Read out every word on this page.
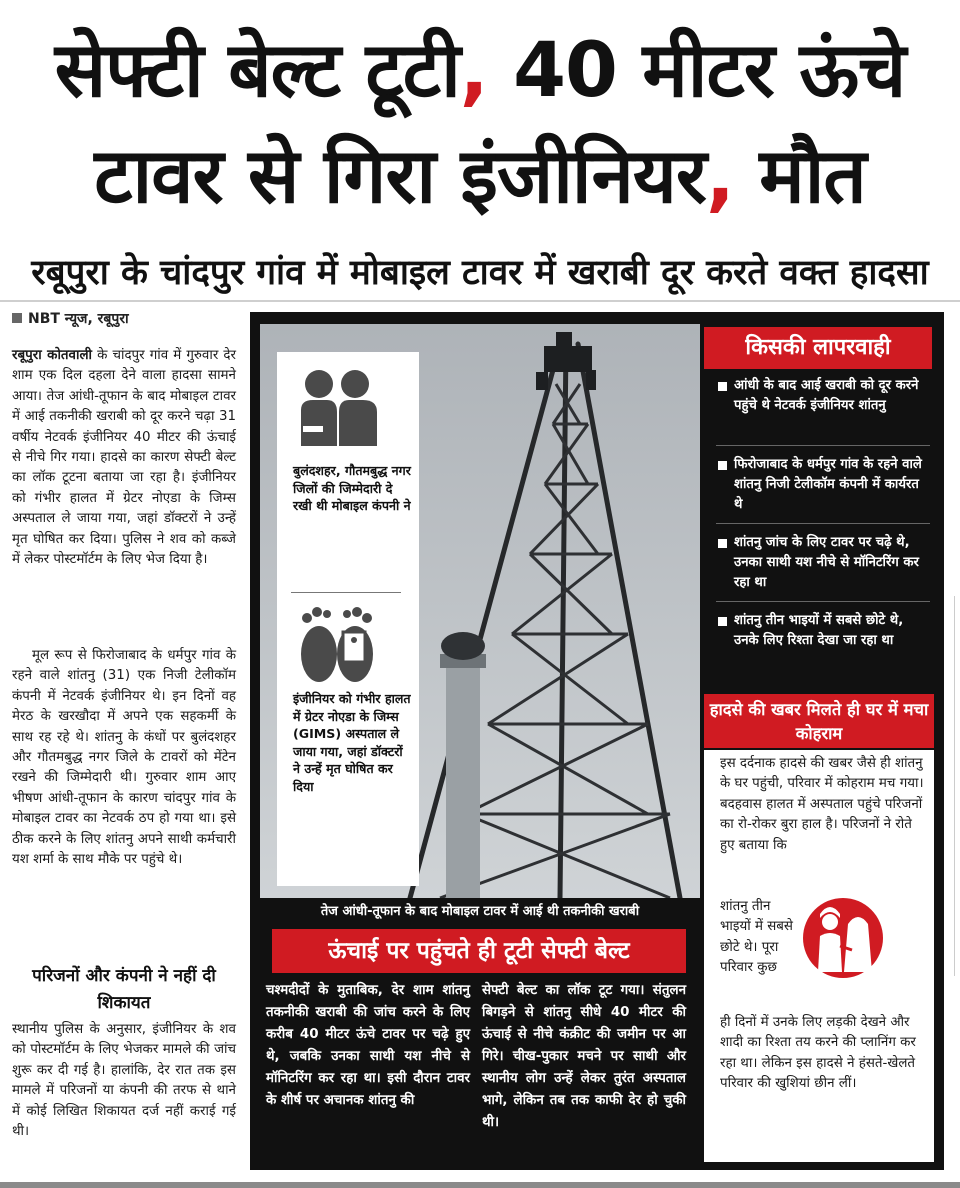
सेफ्टी बेल्ट टूटी, 40 मीटर ऊंचे
टावर से गिरा इंजीनियर, मौत
रबूपुरा के चांदपुर गांव में मोबाइल टावर में खराबी दूर करते वक्त हादसा
NBT न्यूज, रबूपुरा
रबूपुरा कोतवाली के चांदपुर गांव में गुरुवार देर शाम एक दिल दहला देने वाला हादसा सामने आया। तेज आंधी-तूफान के बाद मोबाइल टावर में आई तकनीकी खराबी को दूर करने चढ़ा 31 वर्षीय नेटवर्क इंजीनियर 40 मीटर की ऊंचाई से नीचे गिर गया। हादसे का कारण सेफ्टी बेल्ट का लॉक टूटना बताया जा रहा है। इंजीनियर को गंभीर हालत में ग्रेटर नोएडा के जिम्स अस्पताल ले जाया गया, जहां डॉक्टरों ने उन्हें मृत घोषित कर दिया। पुलिस ने शव को कब्जे में लेकर पोस्टमॉर्टम के लिए भेज दिया है।
मूल रूप से फिरोजाबाद के धर्मपुर गांव के रहने वाले शांतनु (31) एक निजी टेलीकॉम कंपनी में नेटवर्क इंजीनियर थे। इन दिनों वह मेरठ के खरखौदा में अपने एक सहकर्मी के साथ रह रहे थे। शांतनु के कंधों पर बुलंदशहर और गौतमबुद्ध नगर जिले के टावरों को मेंटेन रखने की जिम्मेदारी थी। गुरुवार शाम आए भीषण आंधी-तूफान के कारण चांदपुर गांव के मोबाइल टावर का नेटवर्क ठप हो गया था। इसे ठीक करने के लिए शांतनु अपने साथी कर्मचारी यश शर्मा के साथ मौके पर पहुंचे थे।
परिजनों और कंपनी ने नहीं दी शिकायत
स्थानीय पुलिस के अनुसार, इंजीनियर के शव को पोस्टमॉर्टम के लिए भेजकर मामले की जांच शुरू कर दी गई है। हालांकि, देर रात तक इस मामले में परिजनों या कंपनी की तरफ से थाने में कोई लिखित शिकायत दर्ज नहीं कराई गई थी।
तेज आंधी-तूफान के बाद मोबाइल टावर में आई थी तकनीकी खराबी
बुलंदशहर, गौतमबुद्ध नगर जिलों की जिम्मेदारी दे रखी थी मोबाइल कंपनी ने
इंजीनियर को गंभीर हालत में ग्रेटर नोएडा के जिम्स (GIMS) अस्पताल ले जाया गया, जहां डॉक्टरों ने उन्हें मृत घोषित कर दिया
ऊंचाई पर पहुंचते ही टूटी सेफ्टी बेल्ट
चश्मदीदों के मुताबिक, देर शाम शांतनु तकनीकी खराबी की जांच करने के लिए करीब 40 मीटर ऊंचे टावर पर चढ़े हुए थे, जबकि उनका साथी यश नीचे से मॉनिटरिंग कर रहा था। इसी दौरान टावर के शीर्ष पर अचानक शांतनु की
सेफ्टी बेल्ट का लॉक टूट गया। संतुलन बिगड़ने से शांतनु सीधे 40 मीटर की ऊंचाई से नीचे कंक्रीट की जमीन पर आ गिरे। चीख-पुकार मचने पर साथी और स्थानीय लोग उन्हें लेकर तुरंत अस्पताल भागे, लेकिन तब तक काफी देर हो चुकी थी।
किसकी लापरवाही
आंधी के बाद आई खराबी को दूर करने पहुंचे थे नेटवर्क इंजीनियर शांतनु
फिरोजाबाद के धर्मपुर गांव के रहने वाले शांतनु निजी टेलीकॉम कंपनी में कार्यरत थे
शांतनु जांच के लिए टावर पर चढ़े थे, उनका साथी यश नीचे से मॉनिटरिंग कर रहा था
शांतनु तीन भाइयों में सबसे छोटे थे, उनके लिए रिश्ता देखा जा रहा था
हादसे की खबर मिलते ही घर में मचा कोहराम
इस दर्दनाक हादसे की खबर जैसे ही शांतनु के घर पहुंची, परिवार में कोहराम मच गया। बदहवास हालत में अस्पताल पहुंचे परिजनों का रो-रोकर बुरा हाल है। परिजनों ने रोते हुए बताया कि
शांतनु तीन भाइयों में सबसे छोटे थे। पूरा परिवार कुछ
ही दिनों में उनके लिए लड़की देखने और शादी का रिश्ता तय करने की प्लानिंग कर रहा था। लेकिन इस हादसे ने हंसते-खेलते परिवार की खुशियां छीन लीं।
